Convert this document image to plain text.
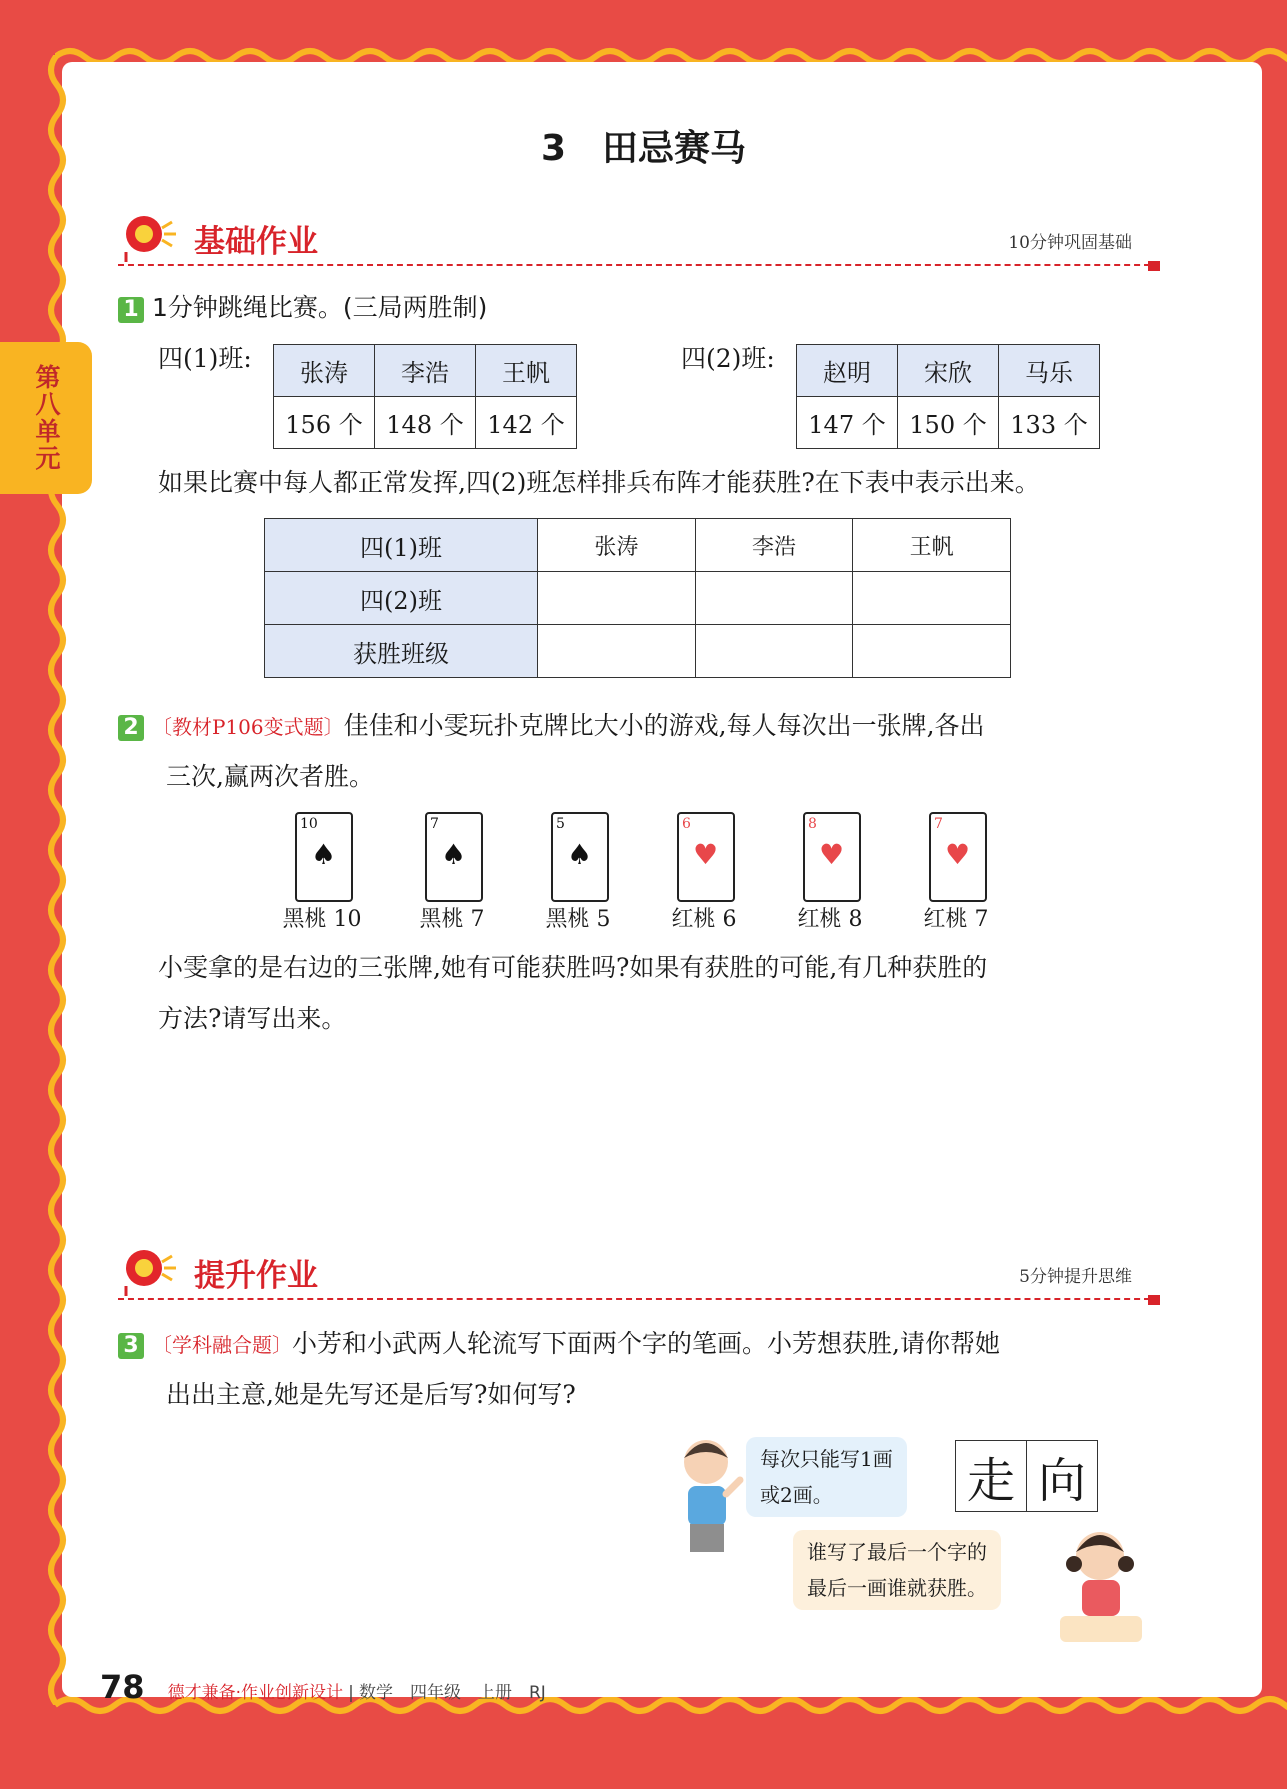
第八单元
3　田忌赛马
基础作业	10分钟巩固基础
1 1分钟跳绳比赛。(三局两胜制)
四(1)班: 张涛	李浩	王帆
156 个	148 个	142 个
四(2)班: 赵明	宋欣	马乐
147 个	150 个	133 个
如果比赛中每人都正常发挥,四(2)班怎样排兵布阵才能获胜?在下表中表示出来。
四(1)班	张涛	李浩	王帆
四(2)班			
获胜班级			
2 〔教材P106变式题〕佳佳和小雯玩扑克牌比大小的游戏,每人每次出一张牌,各出
三次,赢两次者胜。
10
♠
黑桃 10
7
♠
黑桃 7
5
♠
黑桃 5
6
♥
红桃 6
8
♥
红桃 8
7
♥
红桃 7
小雯拿的是右边的三张牌,她有可能获胜吗?如果有获胜的可能,有几种获胜的
方法?请写出来。
提升作业	5分钟提升思维
3 〔学科融合题〕小芳和小武两人轮流写下面两个字的笔画。小芳想获胜,请你帮她
出出主意,她是先写还是后写?如何写?
每次只能写1画
或2画。	走 向
谁写了最后一个字的
最后一画谁就获胜。
78 德才兼备·作业创新设计 | 数学　四年级　上册　RJ
